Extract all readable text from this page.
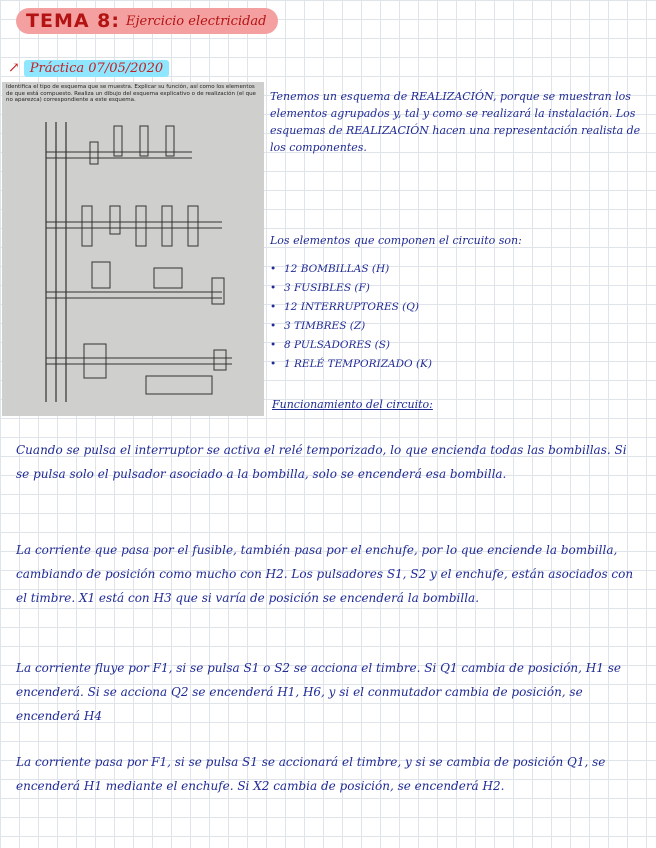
TEMA 8: Ejercicio electricidad
↗ Práctica 07/05/2020
Identifica el tipo de esquema que se muestra. Explicar su función, así como los elementos de que está compuesto. Realiza un dibujo del esquema explicativo o de realización (el que no aparezca) correspondiente a este esquema.	Tenemos un esquema de REALIZACIÓN, porque se muestran los elementos agrupados y, tal y como se realizará la instalación. Los esquemas de REALIZACIÓN hacen una representación realista de los componentes.
Los elementos que componen el circuito son:
• 12 BOMBILLAS (H)
• 3 FUSIBLES (F)
• 12 INTERRUPTORES (Q)
• 3 TIMBRES (Z)
• 8 PULSADORES (S)
• 1 RELÉ TEMPORIZADO (K)
Funcionamiento del circuito:
Cuando se pulsa el interruptor se activa el relé temporizado, lo que encienda todas las bombillas. Si se pulsa solo el pulsador asociado a la bombilla, solo se encenderá esa bombilla.
La corriente que pasa por el fusible, también pasa por el enchufe, por lo que enciende la bombilla, cambiando de posición como mucho con H2. Los pulsadores S1, S2 y el enchufe, están asociados con el timbre. X1 está con H3 que si varía de posición se encenderá la bombilla.
La corriente fluye por F1, si se pulsa S1 o S2 se acciona el timbre. Si Q1 cambia de posición, H1 se encenderá. Si se acciona Q2 se encenderá H1, H6, y si el conmutador cambia de posición, se encenderá H4
La corriente pasa por F1, si se pulsa S1 se accionará el timbre, y si se cambia de posición Q1, se encenderá H1 mediante el enchufe. Si X2 cambia de posición, se encenderá H2.
